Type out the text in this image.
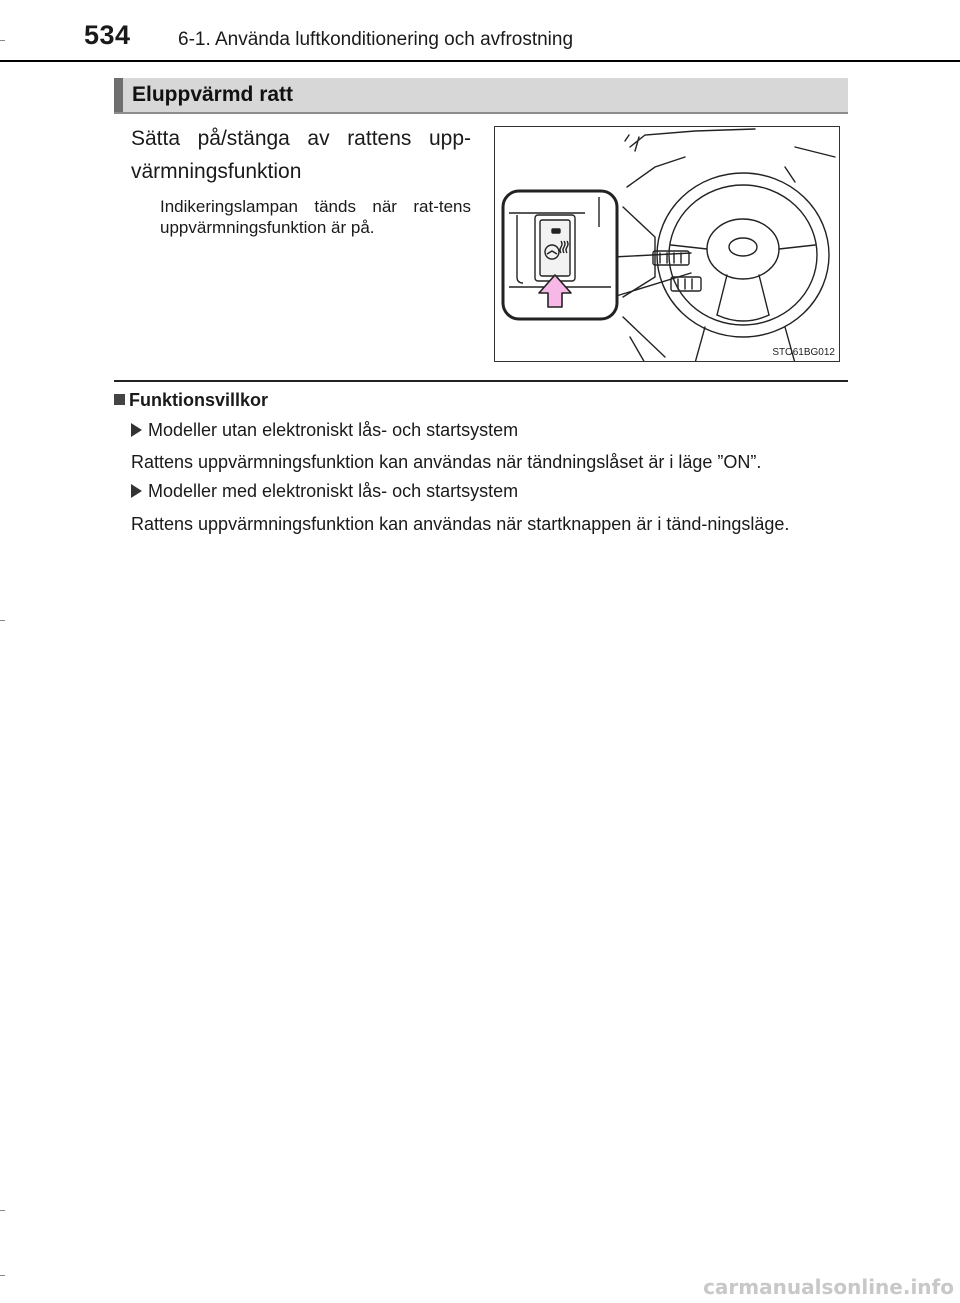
534 6-1. Använda luftkonditionering och avfrostning
Eluppvärmd ratt
Sätta på/stänga av rattens upp-värmningsfunktion
Indikeringslampan tänds när rat-tens uppvärmningsfunktion är på.
STO61BG012
Funktionsvillkor
Modeller utan elektroniskt lås- och startsystem
Rattens uppvärmningsfunktion kan användas när tändningslåset är i läge ”ON”.
Modeller med elektroniskt lås- och startsystem
Rattens uppvärmningsfunktion kan användas när startknappen är i tänd-ningsläge.
carmanualsonline.info
